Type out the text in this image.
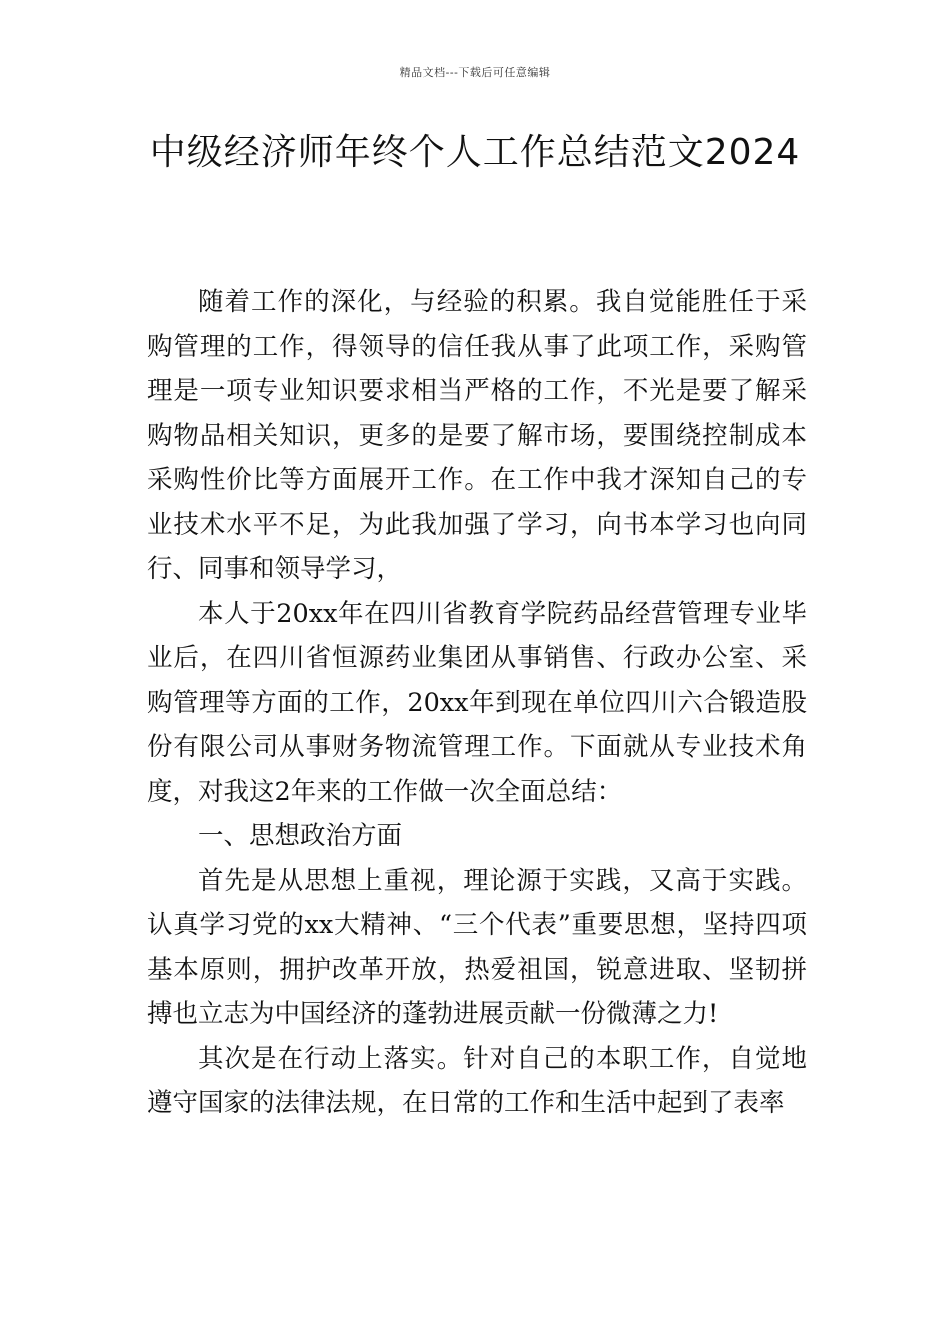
精品文档---下载后可任意编辑
中级经济师年终个人工作总结范文2024

随着工作的深化，与经验的积累。我自觉能胜任于采购管理的工作，得领导的信任我从事了此项工作，采购管理是一项专业知识要求相当严格的工作，不光是要了解采购物品相关知识，更多的是要了解市场，要围绕控制成本采购性价比等方面展开工作。在工作中我才深知自己的专业技术水平不足，为此我加强了学习，向书本学习也向同行、同事和领导学习，

本人于20xx年在四川省教育学院药品经营管理专业毕业后，在四川省恒源药业集团从事销售、行政办公室、采购管理等方面的工作，20xx年到现在单位四川六合锻造股份有限公司从事财务物流管理工作。下面就从专业技术角度，对我这2年来的工作做一次全面总结：

一、思想政治方面

首先是从思想上重视，理论源于实践，又高于实践。认真学习党的xx大精神、“三个代表”重要思想，坚持四项基本原则，拥护改革开放，热爱祖国，锐意进取、坚韧拼搏也立志为中国经济的蓬勃进展贡献一份微薄之力!

其次是在行动上落实。针对自己的本职工作，自觉地遵守国家的法律法规，在日常的工作和生活中起到了表率
